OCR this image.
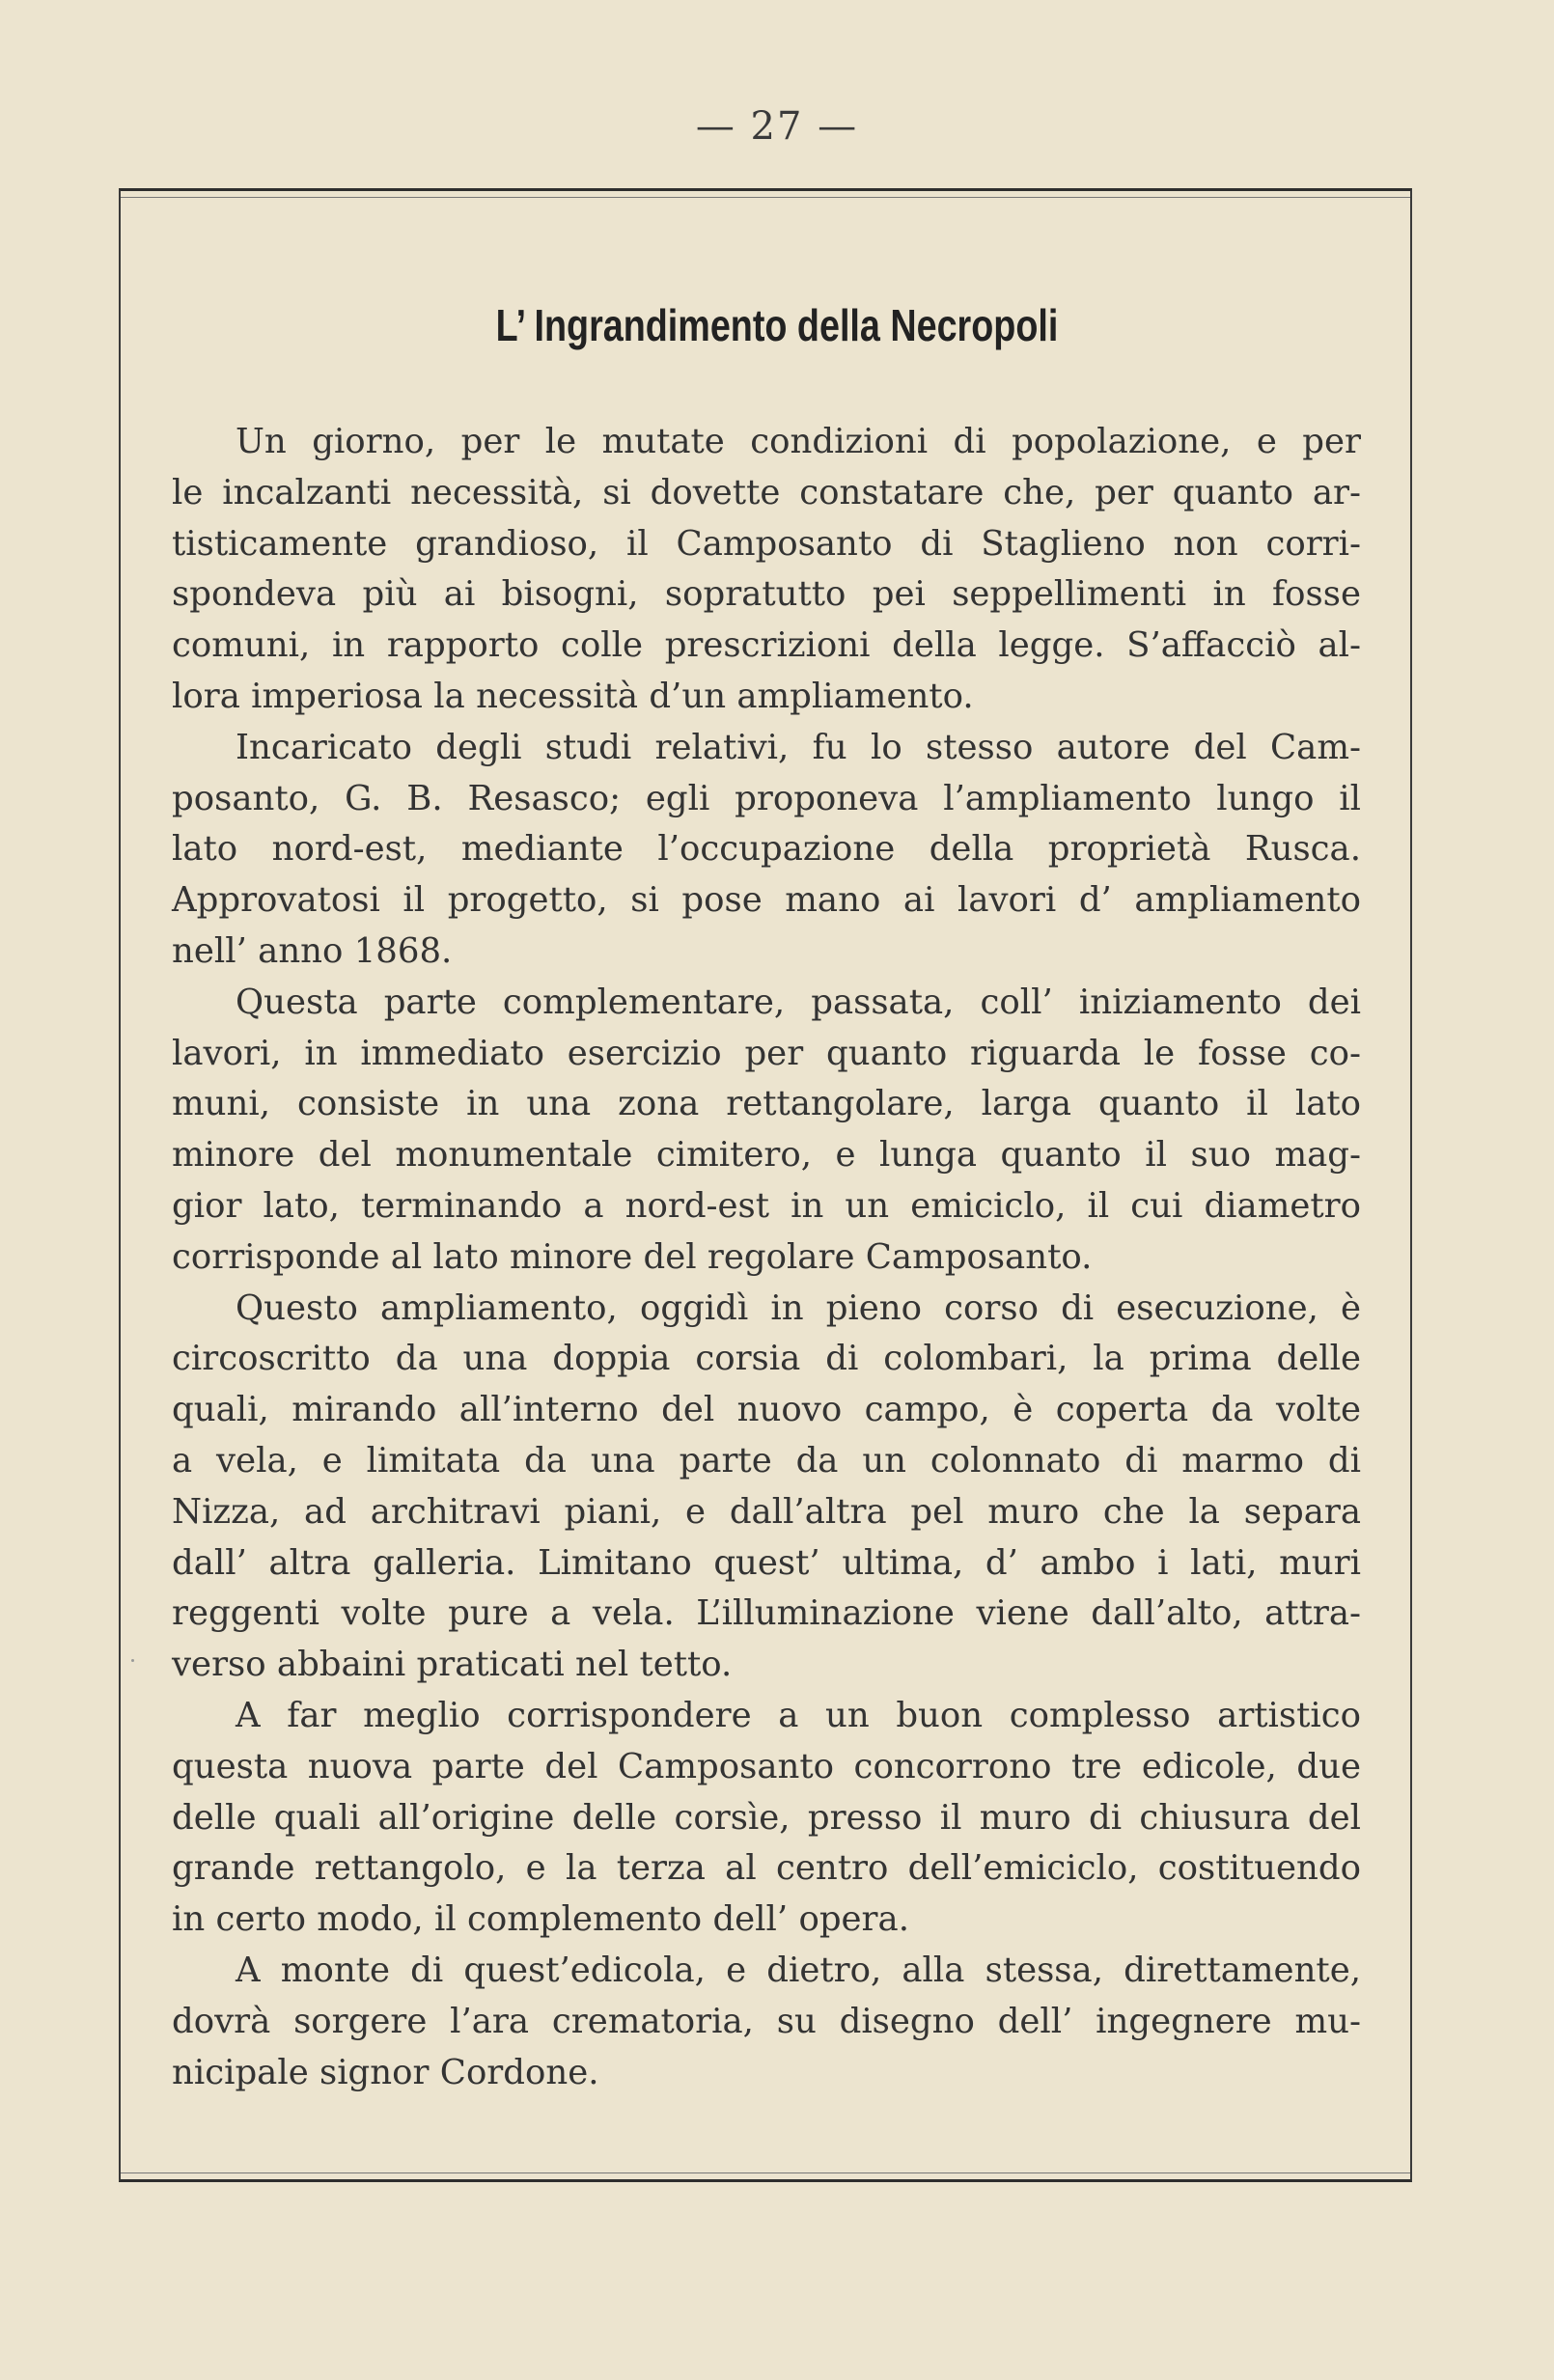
— 27 —
L’ Ingrandimento della Necropoli
Un giorno, per le mutate condizioni di popolazione, e per
le incalzanti necessità, si dovette constatare che, per quanto ar-
tisticamente grandioso, il Camposanto di Staglieno non corri-
spondeva più ai bisogni, sopratutto pei seppellimenti in fosse
comuni, in rapporto colle prescrizioni della legge. S’affacciò al-
lora imperiosa la necessità d’un ampliamento.
Incaricato degli studi relativi, fu lo stesso autore del Cam-
posanto, G. B. Resasco; egli proponeva l’ampliamento lungo il
lato nord-est, mediante l’occupazione della proprietà Rusca.
Approvatosi il progetto, si pose mano ai lavori d’ ampliamento
nell’ anno 1868.
Questa parte complementare, passata, coll’ iniziamento dei
lavori, in immediato esercizio per quanto riguarda le fosse co-
muni, consiste in una zona rettangolare, larga quanto il lato
minore del monumentale cimitero, e lunga quanto il suo mag-
gior lato, terminando a nord-est in un emiciclo, il cui diametro
corrisponde al lato minore del regolare Camposanto.
Questo ampliamento, oggidì in pieno corso di esecuzione, è
circoscritto da una doppia corsia di colombari, la prima delle
quali, mirando all’interno del nuovo campo, è coperta da volte
a vela, e limitata da una parte da un colonnato di marmo di
Nizza, ad architravi piani, e dall’altra pel muro che la separa
dall’ altra galleria. Limitano quest’ ultima, d’ ambo i lati, muri
reggenti volte pure a vela. L’illuminazione viene dall’alto, attra-
verso abbaini praticati nel tetto.
A far meglio corrispondere a un buon complesso artistico
questa nuova parte del Camposanto concorrono tre edicole, due
delle quali all’origine delle corsìe, presso il muro di chiusura del
grande rettangolo, e la terza al centro dell’emiciclo, costituendo
in certo modo, il complemento dell’ opera.
A monte di quest’edicola, e dietro, alla stessa, direttamente,
dovrà sorgere l’ara crematoria, su disegno dell’ ingegnere mu-
nicipale signor Cordone.
